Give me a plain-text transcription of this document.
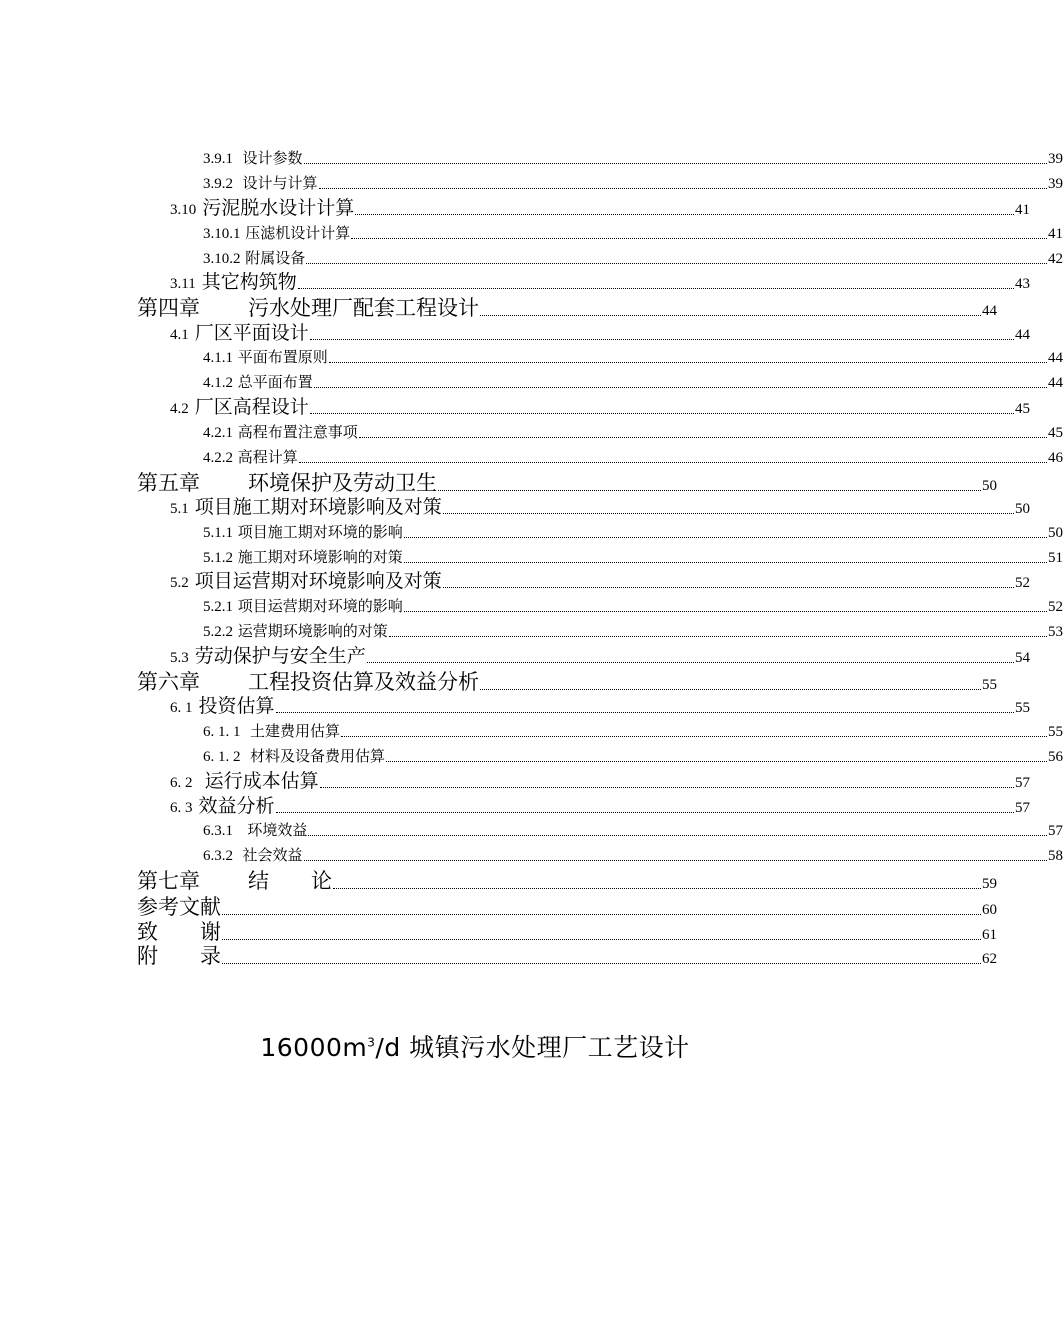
3.9.1 设计参数	39
3.9.2 设计与计算	39
3.10 污泥脱水设计计算	41
3.10.1 压滤机设计计算	41
3.10.2 附属设备	42
3.11 其它构筑物	43
第四章 污水处理厂配套工程设计	44
4.1 厂区平面设计	44
4.1.1 平面布置原则	44
4.1.2 总平面布置	44
4.2 厂区高程设计	45
4.2.1 高程布置注意事项	45
4.2.2 高程计算	46
第五章 环境保护及劳动卫生	50
5.1 项目施工期对环境影响及对策	50
5.1.1 项目施工期对环境的影响	50
5.1.2 施工期对环境影响的对策	51
5.2 项目运营期对环境影响及对策	52
5.2.1 项目运营期对环境的影响	52
5.2.2 运营期环境影响的对策	53
5.3 劳动保护与安全生产	54
第六章 工程投资估算及效益分析	55
6. 1 投资估算	55
6. 1. 1 土建费用估算	55
6. 1. 2 材料及设备费用估算	56
6. 2 运行成本估算	57
6. 3 效益分析	57
6.3.1 环境效益	57
6.3.2 社会效益	58
第七章 结　　论	59
参考文献	60
致　　谢	61
附　　录	62
$16000m^3/d$ 城镇污水处理厂工艺设计
